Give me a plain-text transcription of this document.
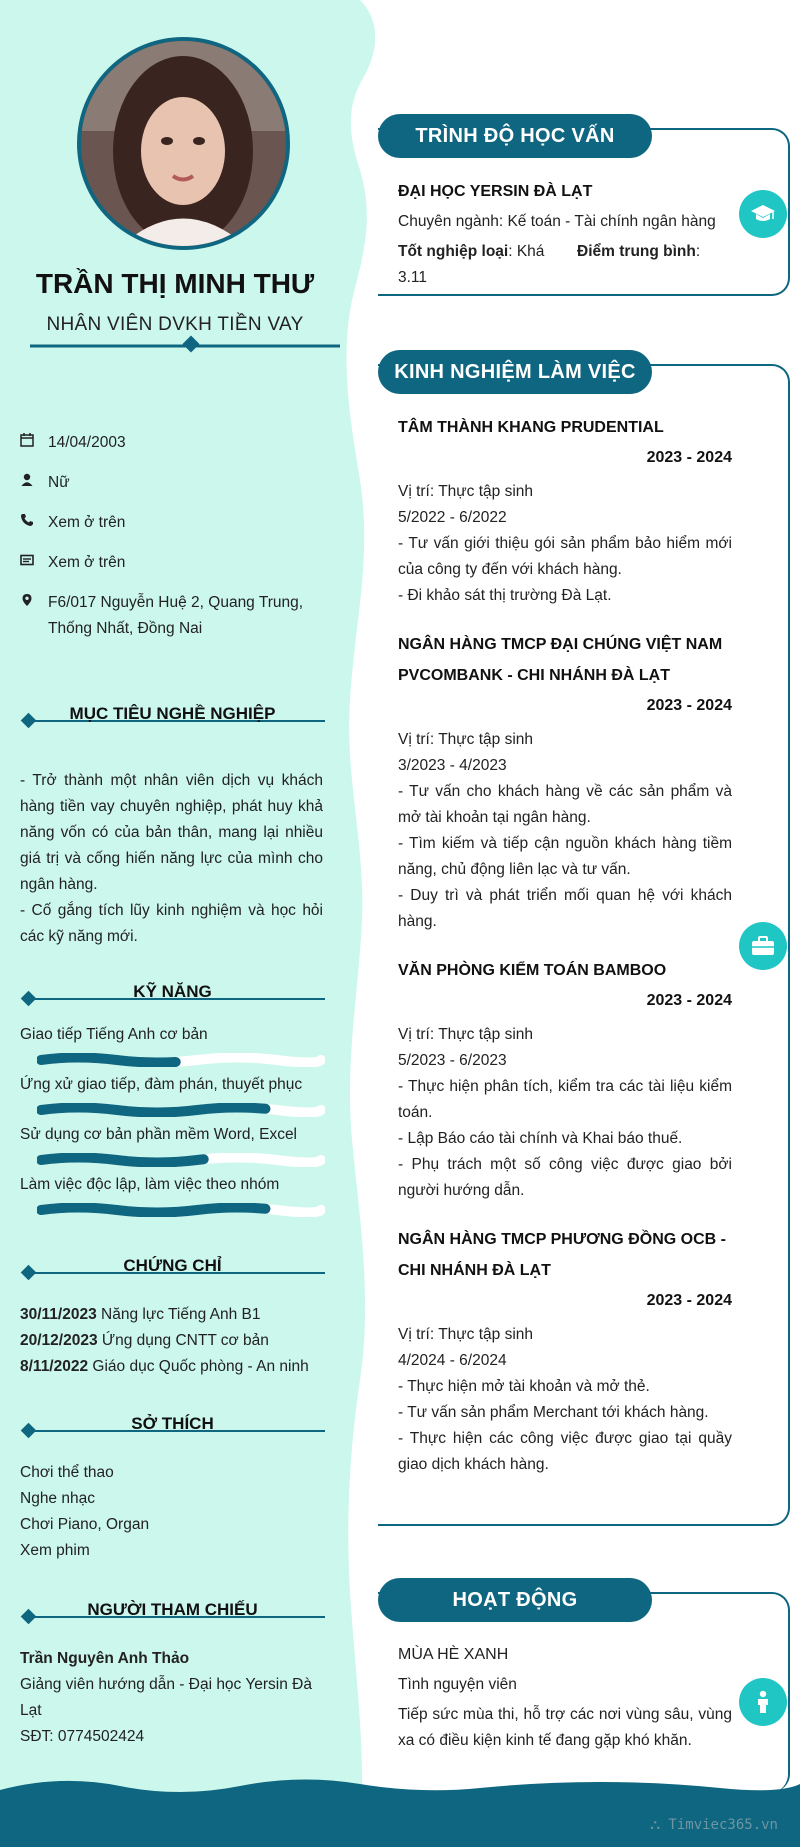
TRẦN THỊ MINH THƯ
NHÂN VIÊN DVKH TIỀN VAY
14/04/2003
Nữ
Xem ở trên
Xem ở trên
F6/017 Nguyễn Huệ 2, Quang Trung, Thống Nhất, Đồng Nai
MỤC TIÊU NGHỀ NGHIỆP
- Trở thành một nhân viên dịch vụ khách hàng tiền vay chuyên nghiệp, phát huy khả năng vốn có của bản thân, mang lại nhiều giá trị và cống hiến năng lực của mình cho ngân hàng.
- Cố gắng tích lũy kinh nghiệm và học hỏi các kỹ năng mới.
KỸ NĂNG
Giao tiếp Tiếng Anh cơ bản
Ứng xử giao tiếp, đàm phán, thuyết phục
Sử dụng cơ bản phần mềm Word, Excel
Làm việc độc lập, làm việc theo nhóm
CHỨNG CHỈ
30/11/2023 Năng lực Tiếng Anh B1
20/12/2023 Ứng dụng CNTT cơ bản
8/11/2022 Giáo dục Quốc phòng - An ninh
SỞ THÍCH
Chơi thể thao
Nghe nhạc
Chơi Piano, Organ
Xem phim
NGƯỜI THAM CHIẾU
Trần Nguyên Anh Thảo
Giảng viên hướng dẫn - Đại học Yersin Đà Lạt
SĐT: 0774502424
TRÌNH ĐỘ HỌC VẤN
ĐẠI HỌC YERSIN ĐÀ LẠT
Chuyên ngành: Kế toán - Tài chính ngân hàng
Tốt nghiệp loại: Khá Điểm trung bình: 3.11
KINH NGHIỆM LÀM VIỆC
TÂM THÀNH KHANG PRUDENTIAL
2023 - 2024
Vị trí: Thực tập sinh
5/2022 - 6/2022
- Tư vấn giới thiệu gói sản phẩm bảo hiểm mới của công ty đến với khách hàng.
- Đi khảo sát thị trường Đà Lạt.
NGÂN HÀNG TMCP ĐẠI CHÚNG VIỆT NAM PVCOMBANK - CHI NHÁNH ĐÀ LẠT
2023 - 2024
Vị trí: Thực tập sinh
3/2023 - 4/2023
- Tư vấn cho khách hàng về các sản phẩm và mở tài khoản tại ngân hàng.
- Tìm kiếm và tiếp cận nguồn khách hàng tiềm năng, chủ động liên lạc và tư vấn.
- Duy trì và phát triển mối quan hệ với khách hàng.
VĂN PHÒNG KIỂM TOÁN BAMBOO
2023 - 2024
Vị trí: Thực tập sinh
5/2023 - 6/2023
- Thực hiện phân tích, kiểm tra các tài liệu kiểm toán.
- Lập Báo cáo tài chính và Khai báo thuế.
- Phụ trách một số công việc được giao bởi người hướng dẫn.
NGÂN HÀNG TMCP PHƯƠNG ĐỒNG OCB - CHI NHÁNH ĐÀ LẠT
2023 - 2024
Vị trí: Thực tập sinh
4/2024 - 6/2024
- Thực hiện mở tài khoản và mở thẻ.
- Tư vấn sản phẩm Merchant tới khách hàng.
- Thực hiện các công việc được giao tại quầy giao dịch khách hàng.
HOẠT ĐỘNG
MÙA HÈ XANH
Tình nguyện viên
Tiếp sức mùa thi, hỗ trợ các nơi vùng sâu, vùng xa có điều kiện kinh tế đang gặp khó khăn.
⛬ Timviec365.vn
